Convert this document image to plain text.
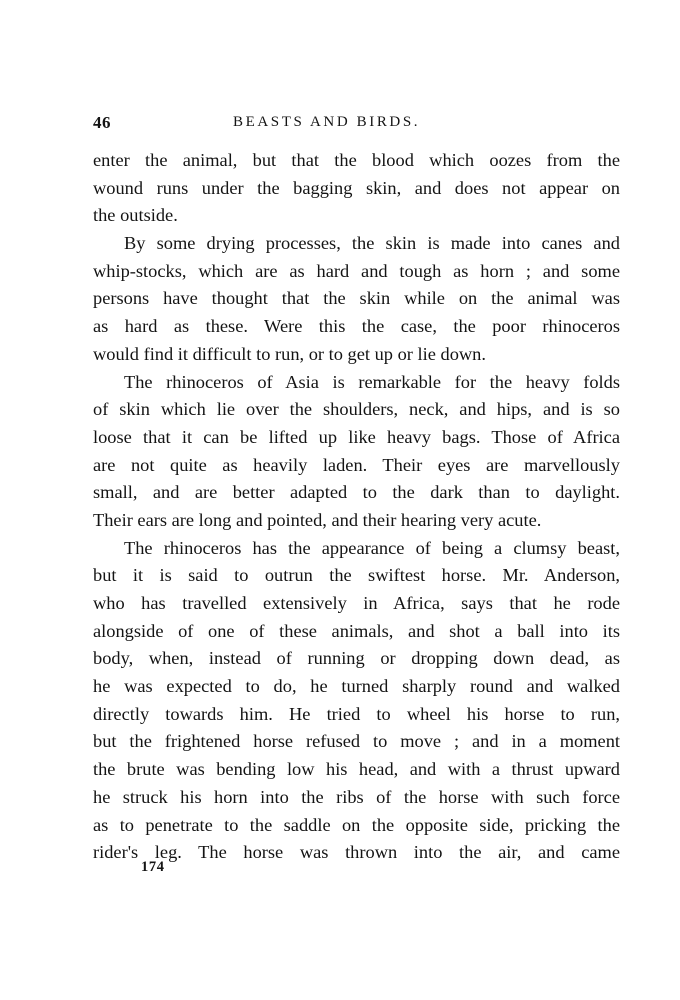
46	BEASTS AND BIRDS.
enter the animal, but that the blood which oozes from the
wound runs under the bagging skin, and does not appear on
the outside.
By some drying processes, the skin is made into canes and
whip-stocks, which are as hard and tough as horn ; and some
persons have thought that the skin while on the animal was
as hard as these. Were this the case, the poor rhinoceros
would find it difficult to run, or to get up or lie down.
The rhinoceros of Asia is remarkable for the heavy folds
of skin which lie over the shoulders, neck, and hips, and is so
loose that it can be lifted up like heavy bags. Those of Africa
are not quite as heavily laden. Their eyes are marvellously
small, and are better adapted to the dark than to daylight.
Their ears are long and pointed, and their hearing very acute.
The rhinoceros has the appearance of being a clumsy beast,
but it is said to outrun the swiftest horse. Mr. Anderson,
who has travelled extensively in Africa, says that he rode
alongside of one of these animals, and shot a ball into its
body, when, instead of running or dropping down dead, as
he was expected to do, he turned sharply round and walked
directly towards him. He tried to wheel his horse to run,
but the frightened horse refused to move ; and in a moment
the brute was bending low his head, and with a thrust upward
he struck his horn into the ribs of the horse with such force
as to penetrate to the saddle on the opposite side, pricking the
rider's leg. The horse was thrown into the air, and came
174
